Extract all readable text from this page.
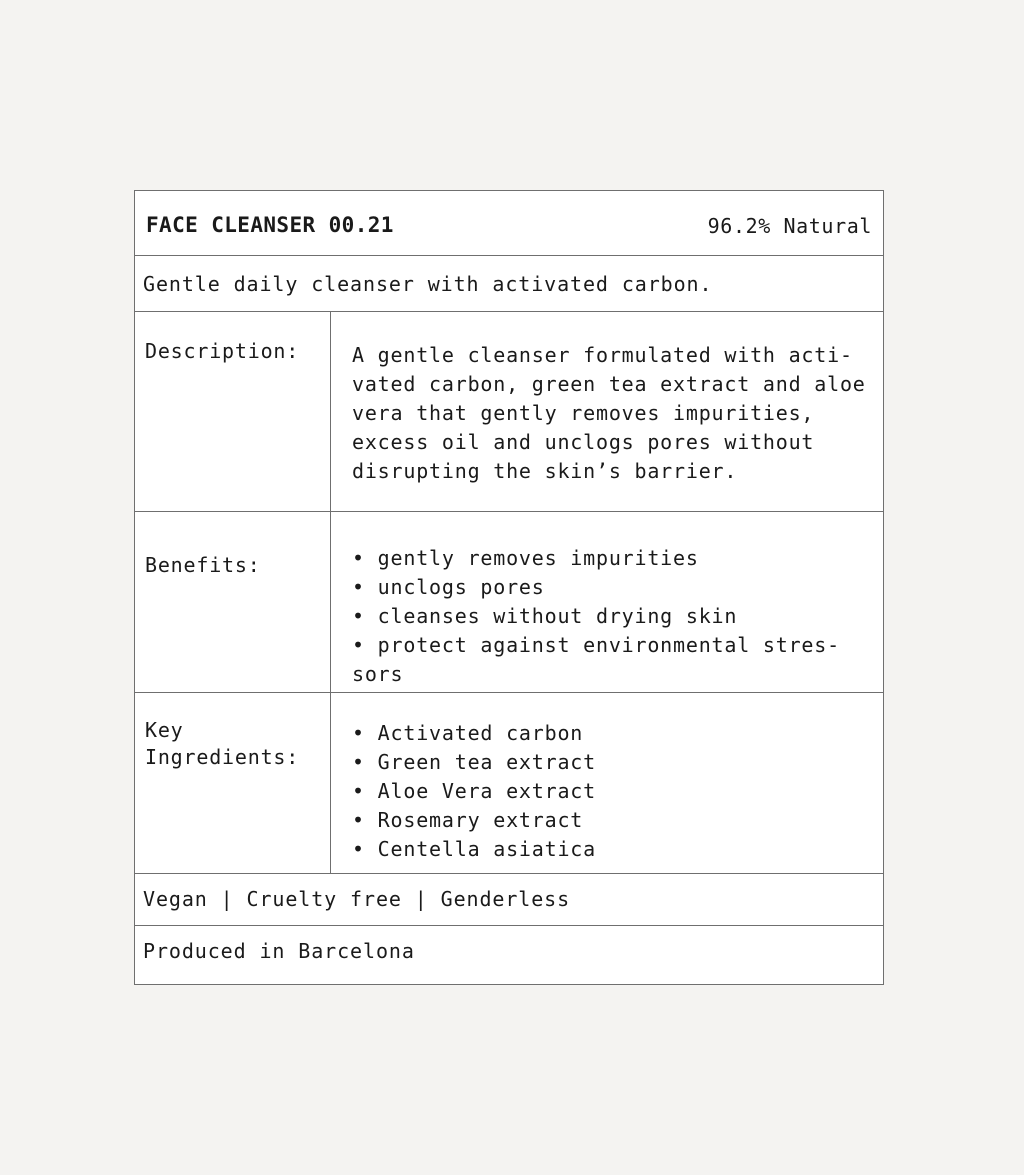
FACE CLEANSER 00.21	96.2% Natural
Gentle daily cleanser with activated carbon.
Description:	A gentle cleanser formulated with acti-
vated carbon, green tea extract and aloe
vera that gently removes impurities,
excess oil and unclogs pores without
disrupting the skin’s barrier.
Benefits:	• gently removes impurities
• unclogs pores
• cleanses without drying skin
• protect against environmental stres-
sors
Key
Ingredients:
• Activated carbon
• Green tea extract
• Aloe Vera extract
• Rosemary extract
• Centella asiatica
Vegan | Cruelty free | Genderless
Produced in Barcelona
